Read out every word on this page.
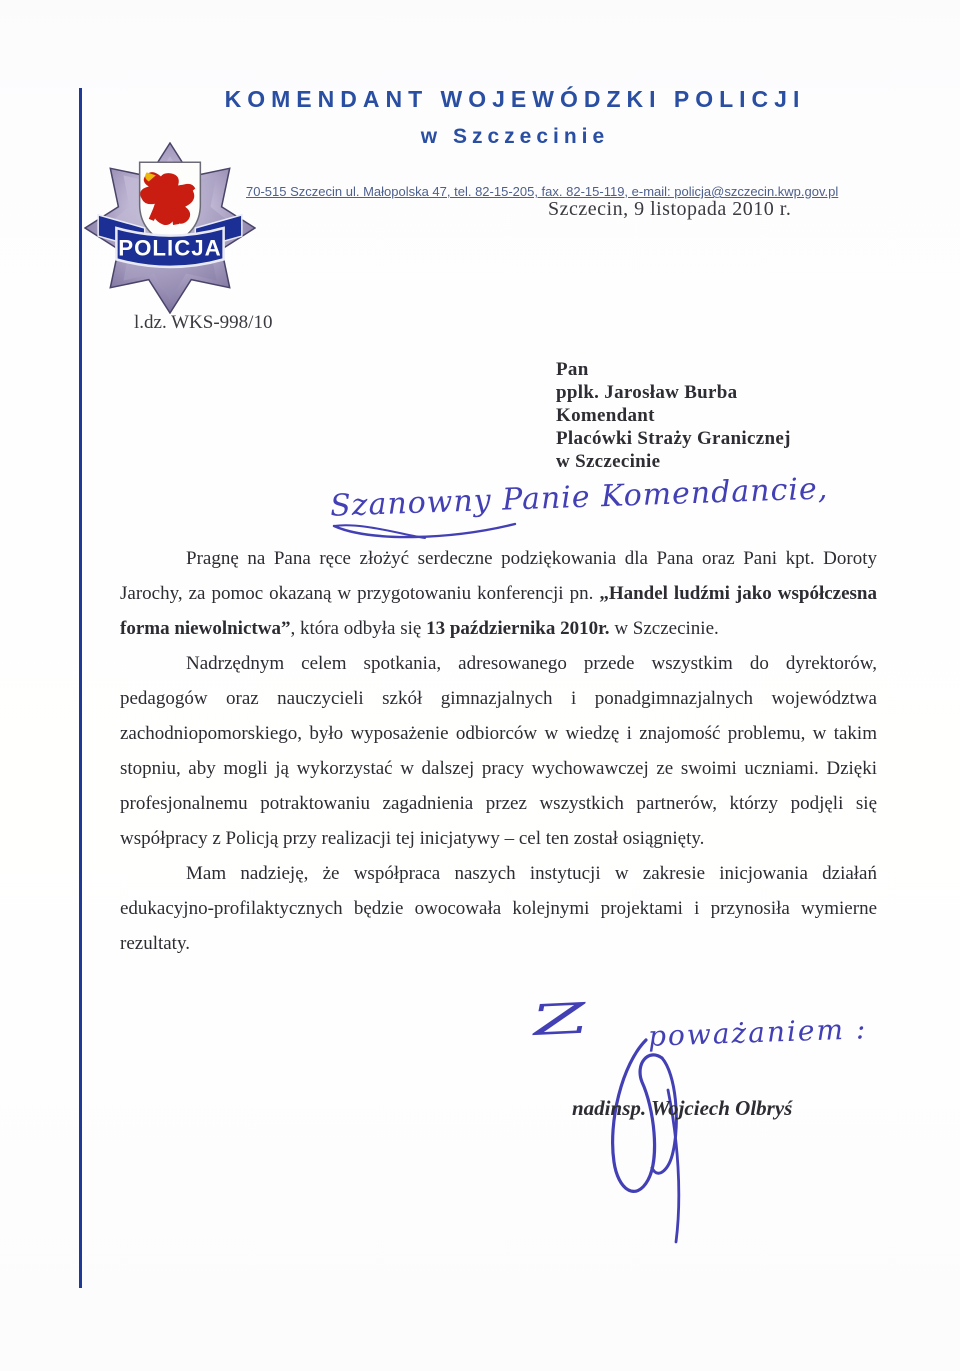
KOMENDANT WOJEWÓDZKI POLICJI
w Szczecinie
POLICJA
70-515 Szczecin ul. Małopolska 47, tel. 82-15-205, fax. 82-15-119, e-mail: policja@szczecin.kwp.gov.pl
Szczecin, 9 listopada 2010 r.
l.dz. WKS-998/10
Pan
pplk. Jarosław Burba
Komendant
Placówki Straży Granicznej
w Szczecinie
Szanowny Panie Komendancie,

Pragnę na Pana ręce złożyć serdeczne podziękowania dla Pana oraz Pani kpt. Doroty Jarochy, za pomoc okazaną w przygotowaniu konferencji pn. „Handel ludźmi jako współczesna forma niewolnictwa”, która odbyła się 13 października 2010r. w Szczecinie.

Nadrzędnym celem spotkania, adresowanego przede wszystkim do dyrektorów, pedagogów oraz nauczycieli szkół gimnazjalnych i ponadgimnazjalnych województwa zachodniopomorskiego, było wyposażenie odbiorców w wiedzę i znajomość problemu, w takim stopniu, aby mogli ją wykorzystać w dalszej pracy wychowawczej ze swoimi uczniami. Dzięki profesjonalnemu potraktowaniu zagadnienia przez wszystkich partnerów, którzy podjęli się współpracy z Policją przy realizacji tej inicjatywy – cel ten został osiągnięty.

Mam nadzieję, że współpraca naszych instytucji w zakresie inicjowania działań edukacyjno-profilaktycznych będzie owocowała kolejnymi projektami i przynosiła wymierne rezultaty.

Z poważaniem :
nadinsp. Wojciech Olbryś
